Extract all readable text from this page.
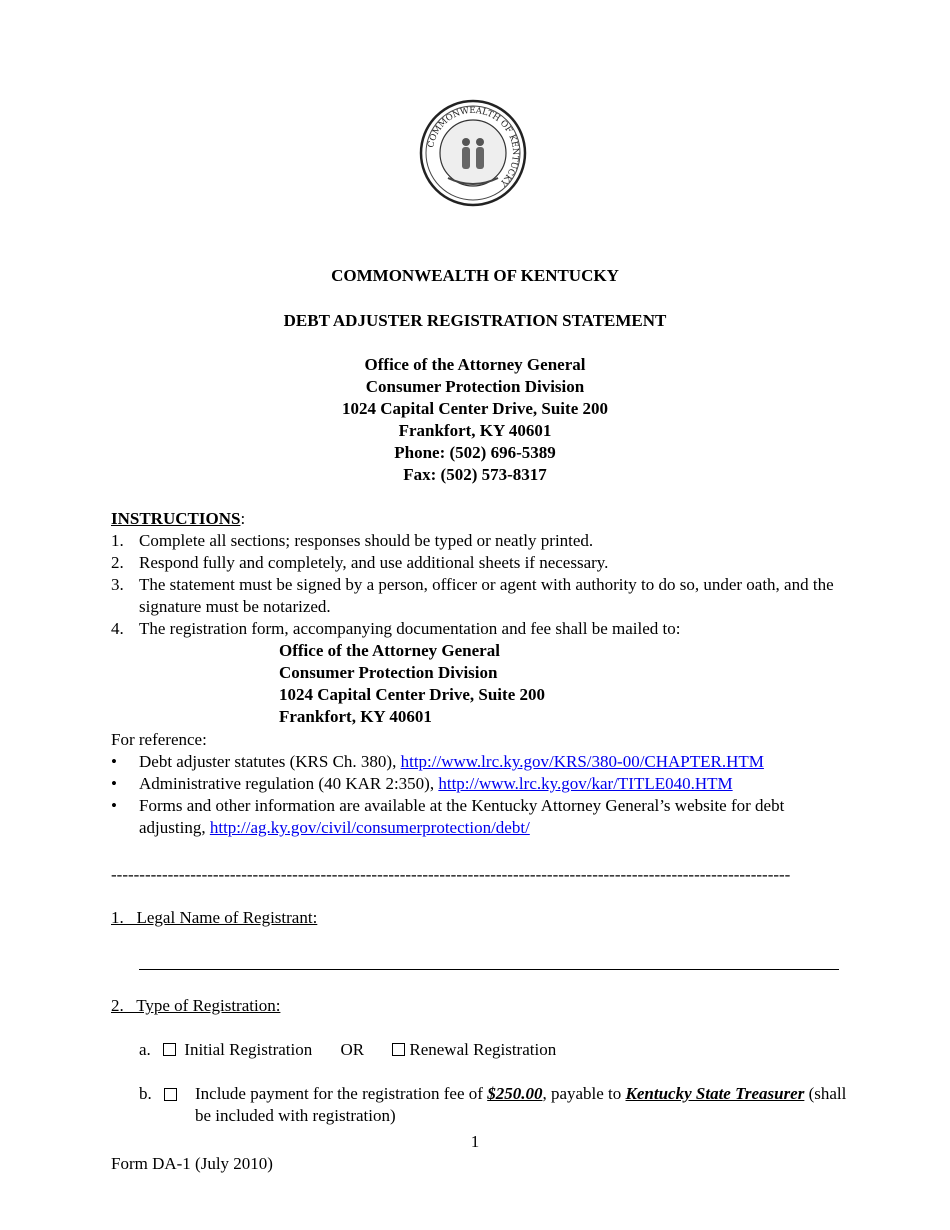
COMMONWEALTH OF KENTUCKY
COMMONWEALTH OF KENTUCKY
DEBT ADJUSTER REGISTRATION STATEMENT
Office of the Attorney General
Consumer Protection Division
1024 Capital Center Drive, Suite 200
Frankfort, KY 40601
Phone: (502) 696-5389
Fax: (502) 573-8317
INSTRUCTIONS:
1. Complete all sections; responses should be typed or neatly printed.
2. Respond fully and completely, and use additional sheets if necessary.
3. The statement must be signed by a person, officer or agent with authority to do so, under oath, and the signature must be notarized.
4. The registration form, accompanying documentation and fee shall be mailed to:
Office of the Attorney General
Consumer Protection Division
1024 Capital Center Drive, Suite 200
Frankfort, KY 40601
For reference:
• Debt adjuster statutes (KRS Ch. 380), http://www.lrc.ky.gov/KRS/380-00/CHAPTER.HTM
• Administrative regulation (40 KAR 2:350), http://www.lrc.ky.gov/kar/TITLE040.HTM
• Forms and other information are available at the Kentucky Attorney General’s website for debt adjusting, http://ag.ky.gov/civil/consumerprotection/debt/
------------------------------------------------------------------------------------------------------------------------
1.   Legal Name of Registrant:
2.   Type of Registration:
a. Initial Registration OR	Renewal Registration
b.	Include payment for the registration fee of $250.00, payable to Kentucky State Treasurer (shall be included with registration)
1
Form DA-1 (July 2010)
